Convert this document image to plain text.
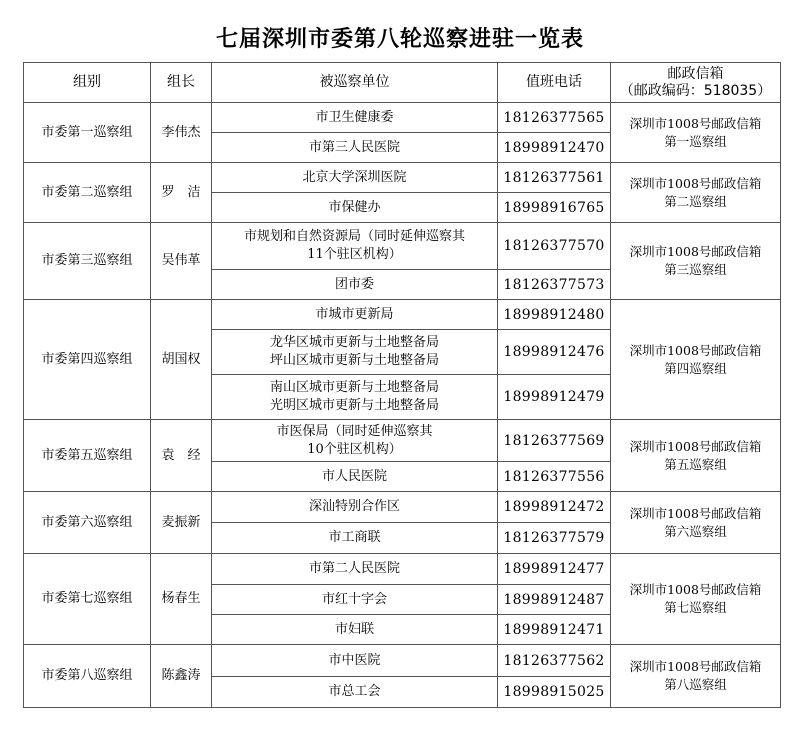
七届深圳市委第八轮巡察进驻一览表
组别	组长	被巡察单位	值班电话	邮政信箱
（邮政编码：518035）

市委第一巡察组	李伟杰	市卫生健康委	18126377565	深圳市1008号邮政信箱
第一巡察组

		市第三人民医院	18998912470	
市委第二巡察组	罗　洁	北京大学深圳医院	18126377561	深圳市1008号邮政信箱
第二巡察组

		市保健办	18998916765	
市委第三巡察组	吴伟革	市规划和自然资源局（同时延伸巡察其
11个驻区机构）	18126377570	深圳市1008号邮政信箱
第三巡察组

		团市委	18126377573	
市委第四巡察组	胡国权	市城市更新局	18998912480	深圳市1008号邮政信箱
第四巡察组

		龙华区城市更新与土地整备局
坪山区城市更新与土地整备局	18998912476	

		南山区城市更新与土地整备局
光明区城市更新与土地整备局	18998912479	
市委第五巡察组	袁　经	市医保局（同时延伸巡察其
10个驻区机构）	18126377569	深圳市1008号邮政信箱
第五巡察组

		市人民医院	18126377556	
市委第六巡察组	麦振新	深汕特别合作区	18998912472	深圳市1008号邮政信箱
第六巡察组

		市工商联	18126377579	
市委第七巡察组	杨春生	市第二人民医院	18998912477	深圳市1008号邮政信箱
第七巡察组

		市红十字会	18998912487	

		市妇联	18998912471	
市委第八巡察组	陈鑫涛	市中医院	18126377562	深圳市1008号邮政信箱
第八巡察组

		市总工会	18998915025	
